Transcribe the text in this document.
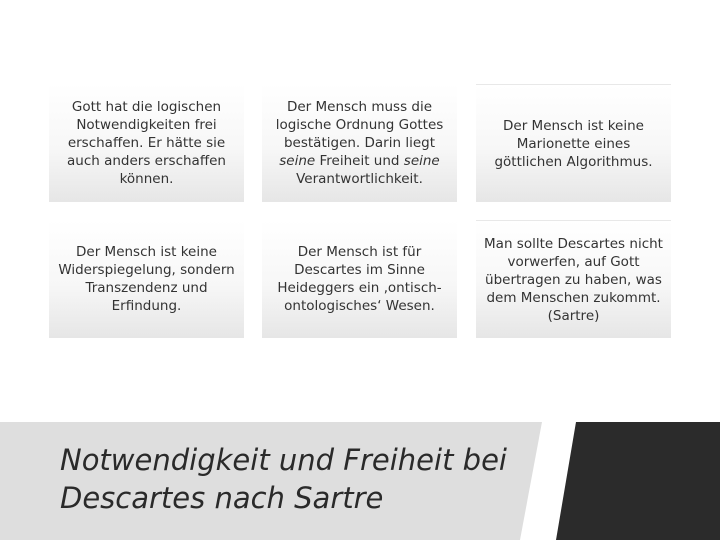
Gott hat die logischen Notwendigkeiten frei erschaffen. Er hätte sie auch anders erschaffen können.
Der Mensch muss die logische Ordnung Gottes bestätigen. Darin liegt seine Freiheit und seine Verantwortlichkeit.
Der Mensch ist keine Marionette eines göttlichen Algorithmus.
Der Mensch ist keine Widerspiegelung, sondern Transzendenz und Erfindung.
Der Mensch ist für Descartes im Sinne Heideggers ein ‚ontisch-ontologisches‘ Wesen.
Man sollte Descartes nicht vorwerfen, auf Gott übertragen zu haben, was dem Menschen zukommt. (Sartre)
Notwendigkeit und Freiheit bei
Descartes nach Sartre
